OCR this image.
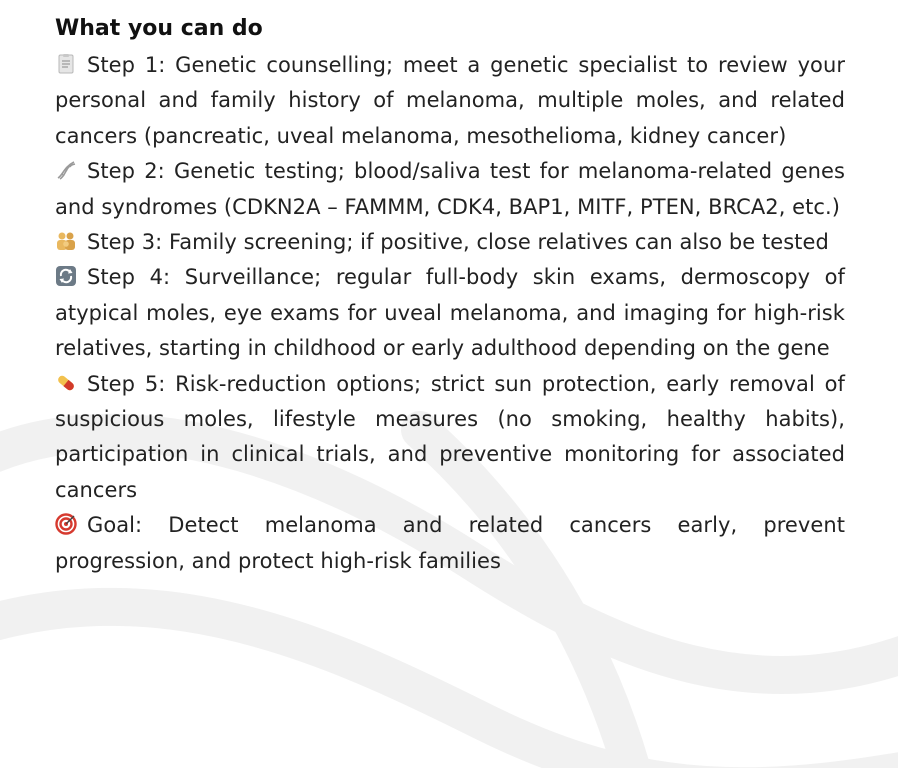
What you can do

Step 1: Genetic counselling; meet a genetic specialist to review your personal and family history of melanoma, multiple moles, and related cancers (pancreatic, uveal melanoma, mesothelioma, kidney cancer)

Step 2: Genetic testing; blood/saliva test for melanoma-related genes and syndromes (CDKN2A – FAMMM, CDK4, BAP1, MITF, PTEN, BRCA2, etc.)

Step 3: Family screening; if positive, close relatives can also be tested

Step 4: Surveillance; regular full-body skin exams, dermoscopy of atypical moles, eye exams for uveal melanoma, and imaging for high-risk relatives, starting in childhood or early adulthood depending on the gene

Step 5: Risk-reduction options; strict sun protection, early removal of suspicious moles, lifestyle measures (no smoking, healthy habits), participation in clinical trials, and preventive monitoring for associated cancers

Goal: Detect melanoma and related cancers early, prevent progression, and protect high-risk families
